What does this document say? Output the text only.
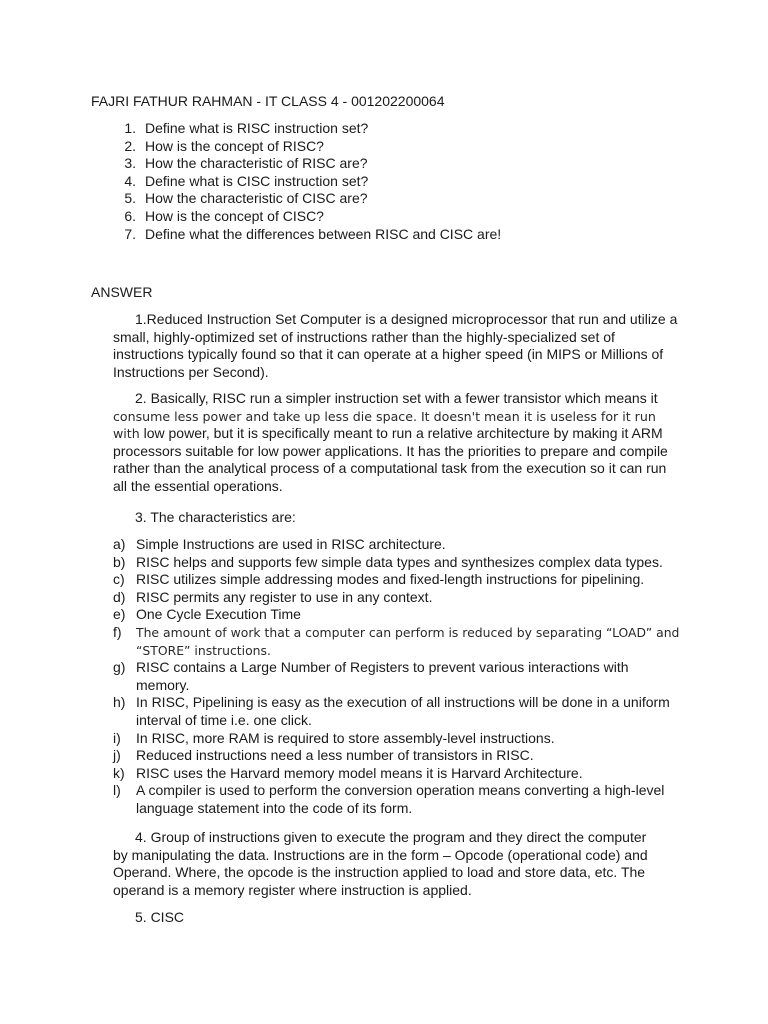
FAJRI FATHUR RAHMAN - IT CLASS 4 - 001202200064
1. Define what is RISC instruction set?
2. How is the concept of RISC?
3. How the characteristic of RISC are?
4. Define what is CISC instruction set?
5. How the characteristic of CISC are?
6. How is the concept of CISC?
7. Define what the differences between RISC and CISC are!
ANSWER

1.Reduced Instruction Set Computer is a designed microprocessor that run and utilize a small, highly-optimized set of instructions rather than the highly-specialized set of instructions typically found so that it can operate at a higher speed (in MIPS or Millions of Instructions per Second).

2. Basically, RISC run a simpler instruction set with a fewer transistor which means it consume less power and take up less die space. It doesn't mean it is useless for it run with low power, but it is specifically meant to run a relative architecture by making it ARM processors suitable for low power applications. It has the priorities to prepare and compile rather than the analytical process of a computational task from the execution so it can run all the essential operations.

3. The characteristics are:

a) Simple Instructions are used in RISC architecture.
b) RISC helps and supports few simple data types and synthesizes complex data types.
c) RISC utilizes simple addressing modes and fixed-length instructions for pipelining.
d) RISC permits any register to use in any context.
e) One Cycle Execution Time
f)	The amount of work that a computer can perform is reduced by separating “LOAD” and “STORE” instructions.
g) RISC contains a Large Number of Registers to prevent various interactions with memory.
h) In RISC, Pipelining is easy as the execution of all instructions will be done in a uniform interval of time i.e. one click.
i)	In RISC, more RAM is required to store assembly-level instructions.
j)	Reduced instructions need a less number of transistors in RISC.
k) RISC uses the Harvard memory model means it is Harvard Architecture.
l)	A compiler is used to perform the conversion operation means converting a high-level language statement into the code of its form.

4. Group of instructions given to execute the program and they direct the computer by manipulating the data. Instructions are in the form – Opcode (operational code) and Operand. Where, the opcode is the instruction applied to load and store data, etc. The operand is a memory register where instruction is applied.

5. CISC
